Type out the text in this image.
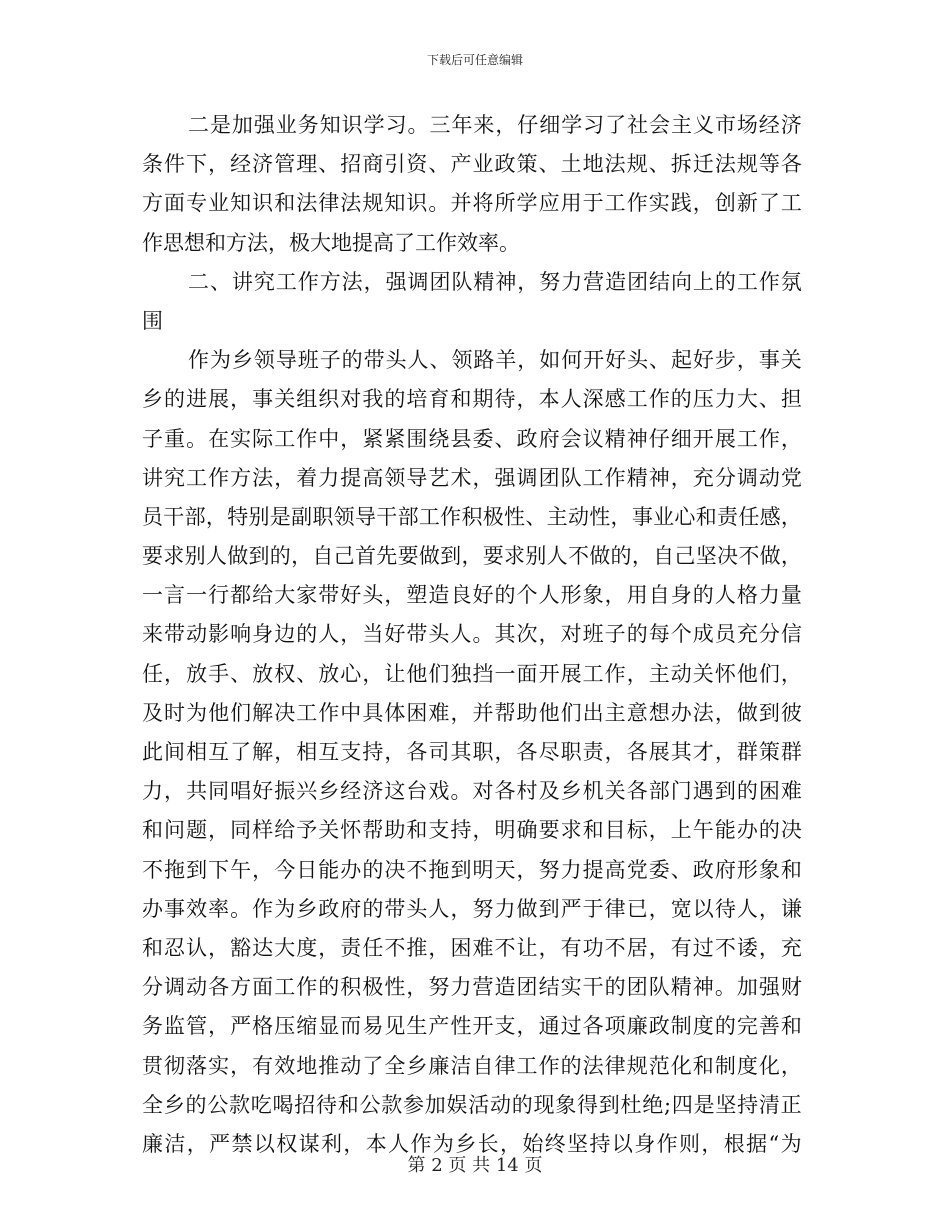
下载后可任意编辑
二 是 加 强 业 务 知 识 学 习 。 三 年 来 ， 仔 细 学 习 了 社 会 主 义 市 场 经 济
条 件 下 ， 经 济 管 理 、 招 商 引 资 、 产 业 政 策 、 土 地 法 规 、 拆 迁 法 规 等 各
方 面 专 业 知 识 和 法 律 法 规 知 识 。 并 将 所 学 应 用 于 工 作 实 践 ， 创 新 了 工
作 思 想 和 方 法 ， 极 大 地 提 高 了 工 作 效 率 。
二 、 讲 究 工 作 方 法 ， 强 调 团 队 精 神 ， 努 力 营 造 团 结 向 上 的 工 作 氛
围
作 为 乡 领 导 班 子 的 带 头 人 、 领 路 羊 ， 如 何 开 好 头 、 起 好 步 ， 事 关
乡 的 进 展 ， 事 关 组 织 对 我 的 培 育 和 期 待 ， 本 人 深 感 工 作 的 压 力 大 、 担
子 重 。 在 实 际 工 作 中 ， 紧 紧 围 绕 县 委 、 政 府 会 议 精 神 仔 细 开 展 工 作 ，
讲 究 工 作 方 法 ， 着 力 提 高 领 导 艺 术 ， 强 调 团 队 工 作 精 神 ， 充 分 调 动 党
员 干 部 ， 特 别 是 副 职 领 导 干 部 工 作 积 极 性 、 主 动 性 ， 事 业 心 和 责 任 感 ，
要 求 别 人 做 到 的 ， 自 己 首 先 要 做 到 ， 要 求 别 人 不 做 的 ， 自 己 坚 决 不 做 ，
一 言 一 行 都 给 大 家 带 好 头 ， 塑 造 良 好 的 个 人 形 象 ， 用 自 身 的 人 格 力 量
来 带 动 影 响 身 边 的 人 ， 当 好 带 头 人 。 其 次 ， 对 班 子 的 每 个 成 员 充 分 信
任 ， 放 手 、 放 权 、 放 心 ， 让 他 们 独 挡 一 面 开 展 工 作 ， 主 动 关 怀 他 们 ，
及 时 为 他 们 解 决 工 作 中 具 体 困 难 ， 并 帮 助 他 们 出 主 意 想 办 法 ， 做 到 彼
此 间 相 互 了 解 ， 相 互 支 持 ， 各 司 其 职 ， 各 尽 职 责 ， 各 展 其 才 ， 群 策 群
力 ， 共 同 唱 好 振 兴 乡 经 济 这 台 戏 。 对 各 村 及 乡 机 关 各 部 门 遇 到 的 困 难
和 问 题 ， 同 样 给 予 关 怀 帮 助 和 支 持 ， 明 确 要 求 和 目 标 ， 上 午 能 办 的 决
不 拖 到 下 午 ， 今 日 能 办 的 决 不 拖 到 明 天 ， 努 力 提 高 党 委 、 政 府 形 象 和
办 事 效 率 。 作 为 乡 政 府 的 带 头 人 ， 努 力 做 到 严 于 律 已 ， 宽 以 待 人 ， 谦
和 忍 认 ， 豁 达 大 度 ， 责 任 不 推 ， 困 难 不 让 ， 有 功 不 居 ， 有 过 不 诿 ， 充
分 调 动 各 方 面 工 作 的 积 极 性 ， 努 力 营 造 团 结 实 干 的 团 队 精 神 。 加 强 财
务 监 管 ， 严 格 压 缩 显 而 易 见 生 产 性 开 支 ， 通 过 各 项 廉 政 制 度 的 完 善 和
贯 彻 落 实 ， 有 效 地 推 动 了 全 乡 廉 洁 自 律 工 作 的 法 律 规 范 化 和 制 度 化 ，
全 乡 的 公 款 吃 喝 招 待 和 公 款 参 加 娱 活 动 的 现 象 得 到 杜 绝 ; 四 是 坚 持 清 正
廉 洁 ， 严 禁 以 权 谋 利 ， 本 人 作 为 乡 长 ， 始 终 坚 持 以 身 作 则 ， 根 据 “ 为
第 2 页 共 14 页
